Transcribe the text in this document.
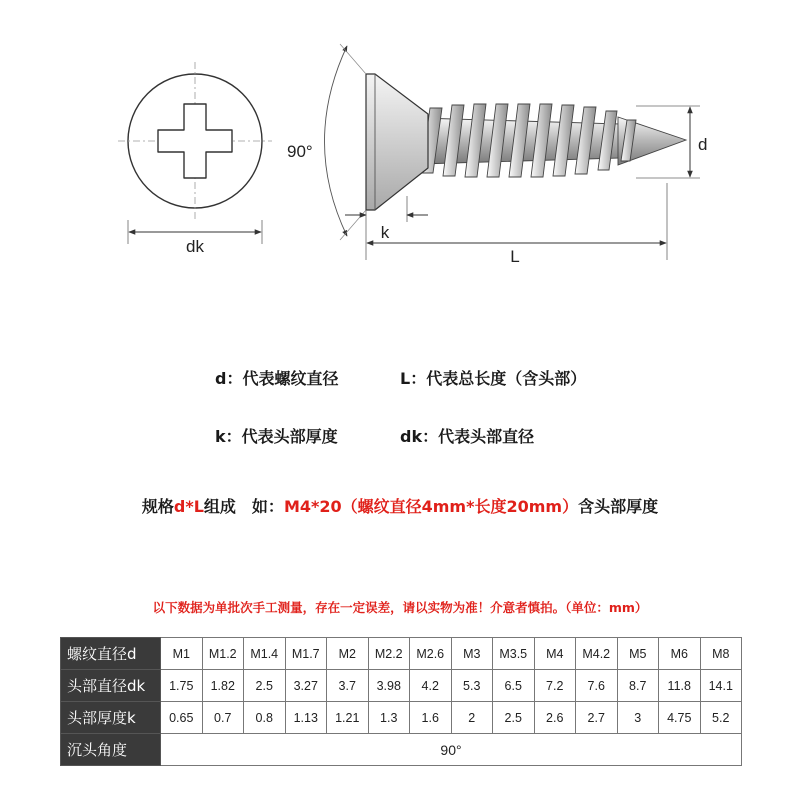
dk
90°
k
L
d
d：代表螺纹直径	L：代表总长度（含头部）
k：代表头部厚度	dk：代表头部直径
规格d*L组成　如：M4*20（螺纹直径4mm*长度20mm）含头部厚度
以下数据为单批次手工测量，存在一定误差，请以实物为准！介意者慎拍。（单位：mm）
螺纹直径d	M1	M1.2	M1.4	M1.7	M2	M2.2	M2.6	M3	M3.5	M4	M4.2	M5	M6	M8
头部直径dk	1.75	1.82	2.5	3.27	3.7	3.98	4.2	5.3	6.5	7.2	7.6	8.7	11.8	14.1
头部厚度k	0.65	0.7	0.8	1.13	1.21	1.3	1.6	2	2.5	2.6	2.7	3	4.75	5.2
沉头角度	90°													
